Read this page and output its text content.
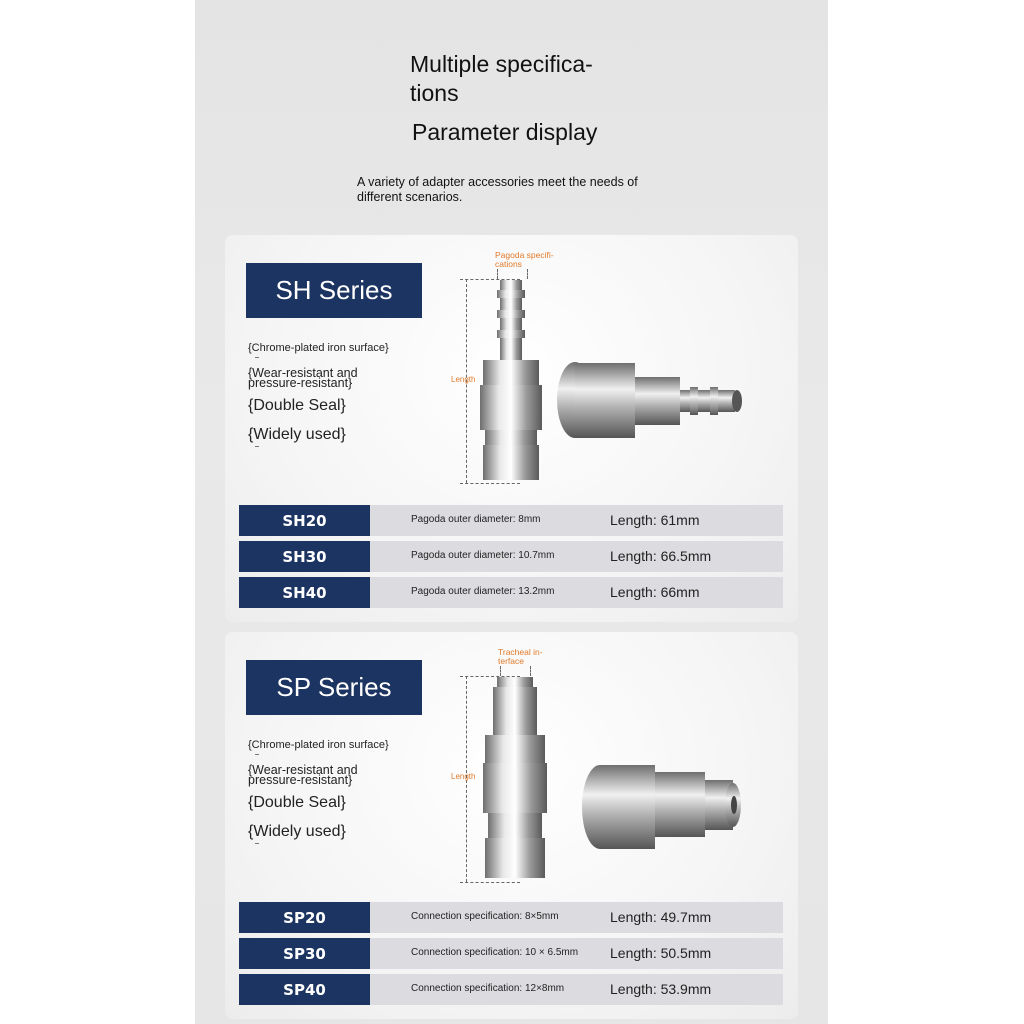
Multiple specifica-
tions
Parameter display
A variety of adapter accessories meet the needs of different scenarios.
SH Series
{Chrome-plated iron surface}
{Wear-resistant and
pressure-resistant}
{Double Seal}
{Widely used}
Pagoda specifi-
cations
Length
SH20	Pagoda outer diameter: 8mm	Length: 61mm
SH30	Pagoda outer diameter: 10.7mm	Length: 66.5mm
SH40	Pagoda outer diameter: 13.2mm	Length: 66mm
SP Series
{Chrome-plated iron surface}
{Wear-resistant and
pressure-resistant}
{Double Seal}
{Widely used}
Tracheal in-
terface
Length
SP20	Connection specification: 8×5mm	Length: 49.7mm
SP30	Connection specification: 10 × 6.5mm Length: 50.5mm
SP40	Connection specification: 12×8mm	Length: 53.9mm
